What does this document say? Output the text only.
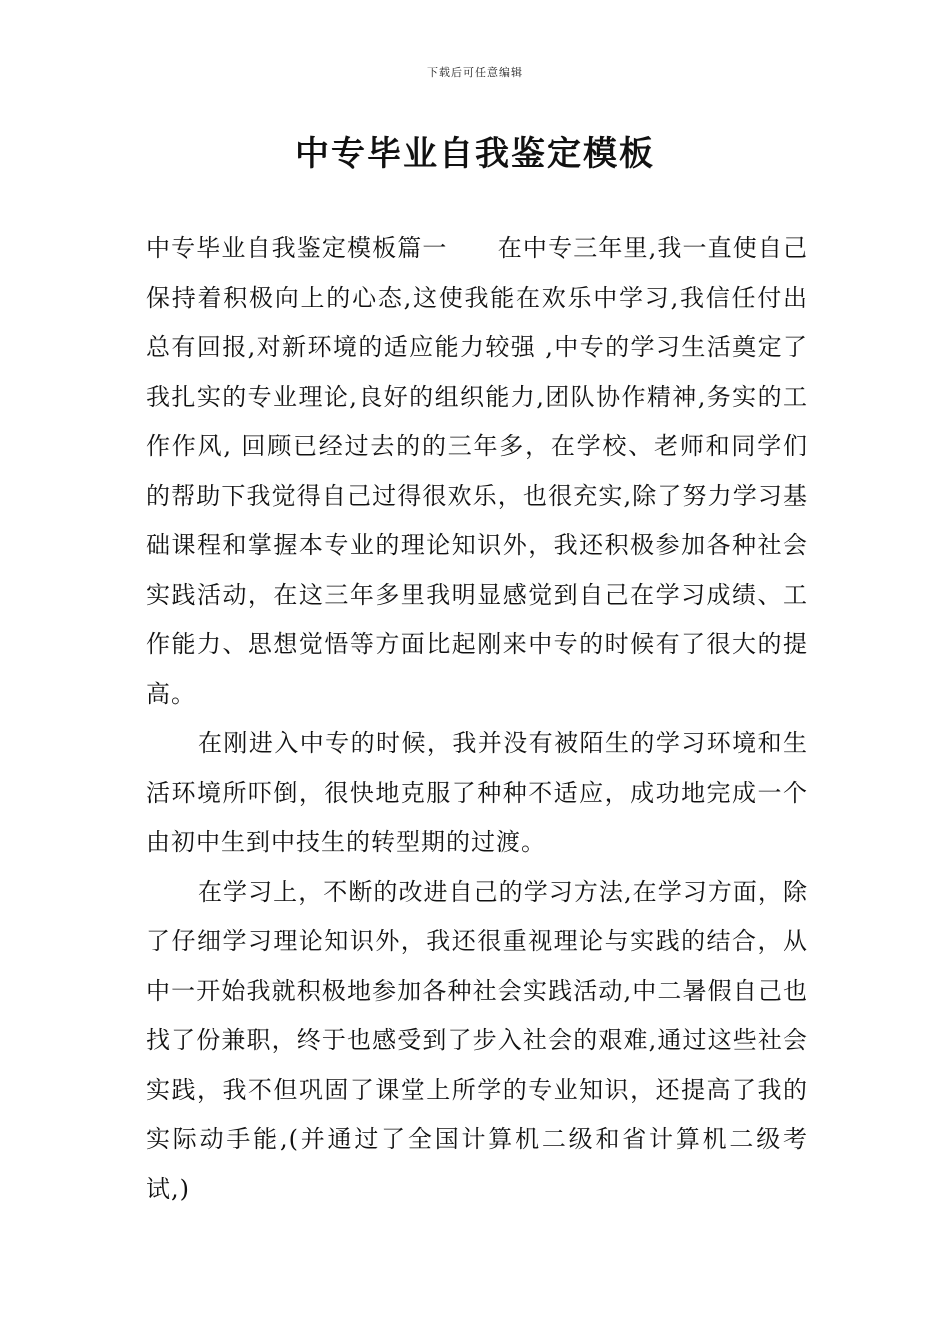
下载后可任意编辑
中专毕业自我鉴定模板

中专毕业自我鉴定模板篇一　　在中专三年里,我一直使自己保持着积极向上的心态,这使我能在欢乐中学习,我信任付出总有回报,对新环境的适应能力较强 ,中专的学习生活奠定了我扎实的专业理论,良好的组织能力,团队协作精神,务实的工作作风, 回顾已经过去的的三年多，在学校、老师和同学们的帮助下我觉得自己过得很欢乐，也很充实,除了努力学习基础课程和掌握本专业的理论知识外，我还积极参加各种社会实践活动，在这三年多里我明显感觉到自己在学习成绩、工作能力、思想觉悟等方面比起刚来中专的时候有了很大的提高。

在刚进入中专的时候，我并没有被陌生的学习环境和生活环境所吓倒，很快地克服了种种不适应，成功地完成一个由初中生到中技生的转型期的过渡。

在学习上，不断的改进自己的学习方法,在学习方面，除了仔细学习理论知识外，我还很重视理论与实践的结合，从中一开始我就积极地参加各种社会实践活动,中二暑假自己也找了份兼职，终于也感受到了步入社会的艰难,通过这些社会实践，我不但巩固了课堂上所学的专业知识，还提高了我的实际动手能,(并通过了全国计算机二级和省计算机二级考试,)
